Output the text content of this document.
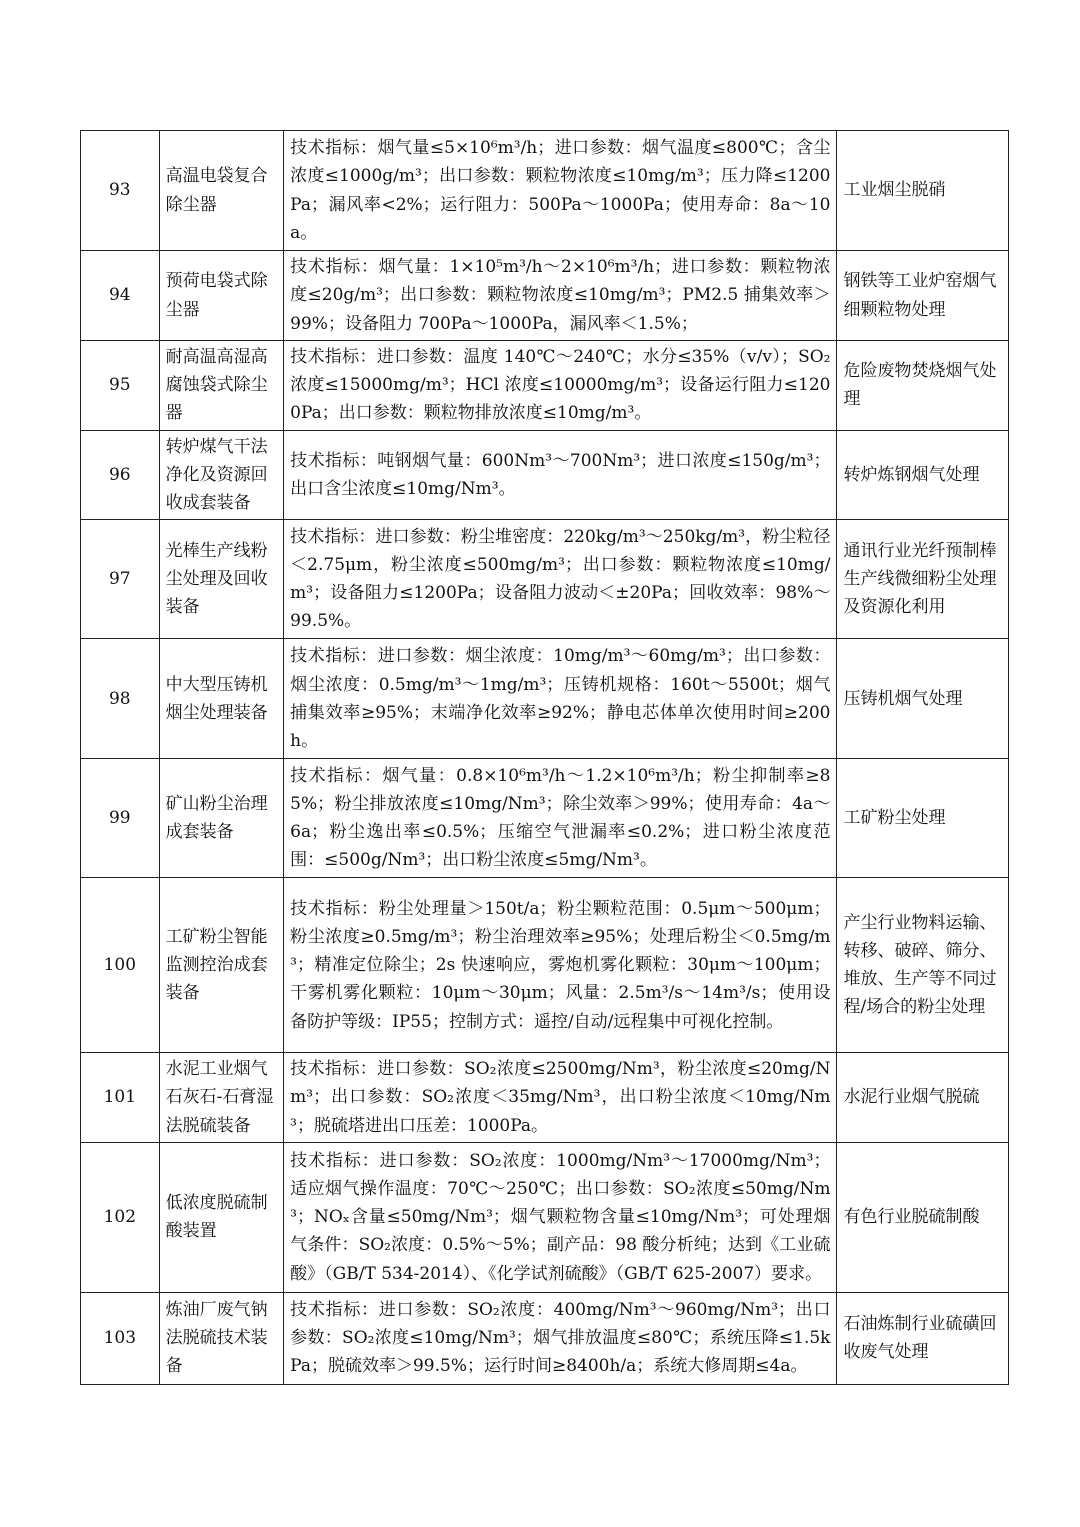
93	高温电袋复合除尘器	技术指标：烟气量≤5×10⁶m³/h；进口参数：烟气温度≤800℃；含尘浓度≤1000g/m³；出口参数：颗粒物浓度≤10mg/m³；压力降≤1200Pa；漏风率<2%；运行阻力：500Pa～1000Pa；使用寿命：8a～10a。	工业烟尘脱硝
94	预荷电袋式除尘器	技术指标：烟气量：1×10⁵m³/h～2×10⁶m³/h；进口参数：颗粒物浓度≤20g/m³；出口参数：颗粒物浓度≤10mg/m³；PM2.5 捕集效率＞99%；设备阻力 700Pa～1000Pa，漏风率＜1.5%；	钢铁等工业炉窑烟气细颗粒物处理
95	耐高温高湿高腐蚀袋式除尘器	技术指标：进口参数：温度 140℃～240℃；水分≤35%（v/v）；SO₂浓度≤15000mg/m³；HCl 浓度≤10000mg/m³；设备运行阻力≤1200Pa；出口参数：颗粒物排放浓度≤10mg/m³。	危险废物焚烧烟气处理
96	转炉煤气干法净化及资源回收成套装备	技术指标：吨钢烟气量：600Nm³～700Nm³；进口浓度≤150g/m³；出口含尘浓度≤10mg/Nm³。	转炉炼钢烟气处理
97	光棒生产线粉尘处理及回收装备	技术指标：进口参数：粉尘堆密度：220kg/m³～250kg/m³，粉尘粒径＜2.75μm，粉尘浓度≤500mg/m³；出口参数：颗粒物浓度≤10mg/m³；设备阻力≤1200Pa；设备阻力波动＜±20Pa；回收效率：98%～99.5%。	通讯行业光纤预制棒生产线微细粉尘处理及资源化利用
98	中大型压铸机烟尘处理装备	技术指标：进口参数：烟尘浓度：10mg/m³～60mg/m³；出口参数：烟尘浓度：0.5mg/m³～1mg/m³；压铸机规格：160t～5500t；烟气捕集效率≥95%；末端净化效率≥92%；静电芯体单次使用时间≥200h。	压铸机烟气处理
99	矿山粉尘治理成套装备	技术指标：烟气量：0.8×10⁶m³/h～1.2×10⁶m³/h；粉尘抑制率≥85%；粉尘排放浓度≤10mg/Nm³；除尘效率＞99%；使用寿命：4a～6a；粉尘逸出率≤0.5%；压缩空气泄漏率≤0.2%；进口粉尘浓度范围：≤500g/Nm³；出口粉尘浓度≤5mg/Nm³。	工矿粉尘处理
100	工矿粉尘智能监测控治成套装备	技术指标：粉尘处理量＞150t/a；粉尘颗粒范围：0.5μm～500μm；粉尘浓度≥0.5mg/m³；粉尘治理效率≥95%；处理后粉尘＜0.5mg/m³；精准定位除尘；2s 快速响应，雾炮机雾化颗粒：30μm～100μm；干雾机雾化颗粒：10μm～30μm；风量：2.5m³/s～14m³/s；使用设备防护等级：IP55；控制方式：遥控/自动/远程集中可视化控制。	产尘行业物料运输、转移、破碎、筛分、堆放、生产等不同过程/场合的粉尘处理
101	水泥工业烟气石灰石-石膏湿法脱硫装备	技术指标：进口参数：SO₂浓度≤2500mg/Nm³，粉尘浓度≤20mg/Nm³；出口参数：SO₂浓度＜35mg/Nm³，出口粉尘浓度＜10mg/Nm³；脱硫塔进出口压差：1000Pa。	水泥行业烟气脱硫
102	低浓度脱硫制酸装置	技术指标：进口参数：SO₂浓度：1000mg/Nm³～17000mg/Nm³；适应烟气操作温度：70℃～250℃；出口参数：SO₂浓度≤50mg/Nm³；NOₓ含量≤50mg/Nm³；烟气颗粒物含量≤10mg/Nm³；可处理烟气条件：SO₂浓度：0.5%～5%；副产品：98 酸分析纯；达到《工业硫酸》（GB/T 534-2014）、《化学试剂硫酸》（GB/T 625-2007）要求。	有色行业脱硫制酸
103	炼油厂废气钠法脱硫技术装备	技术指标：进口参数：SO₂浓度：400mg/Nm³～960mg/Nm³；出口参数：SO₂浓度≤10mg/Nm³；烟气排放温度≤80℃；系统压降≤1.5kPa；脱硫效率＞99.5%；运行时间≥8400h/a；系统大修周期≤4a。	石油炼制行业硫磺回收废气处理
